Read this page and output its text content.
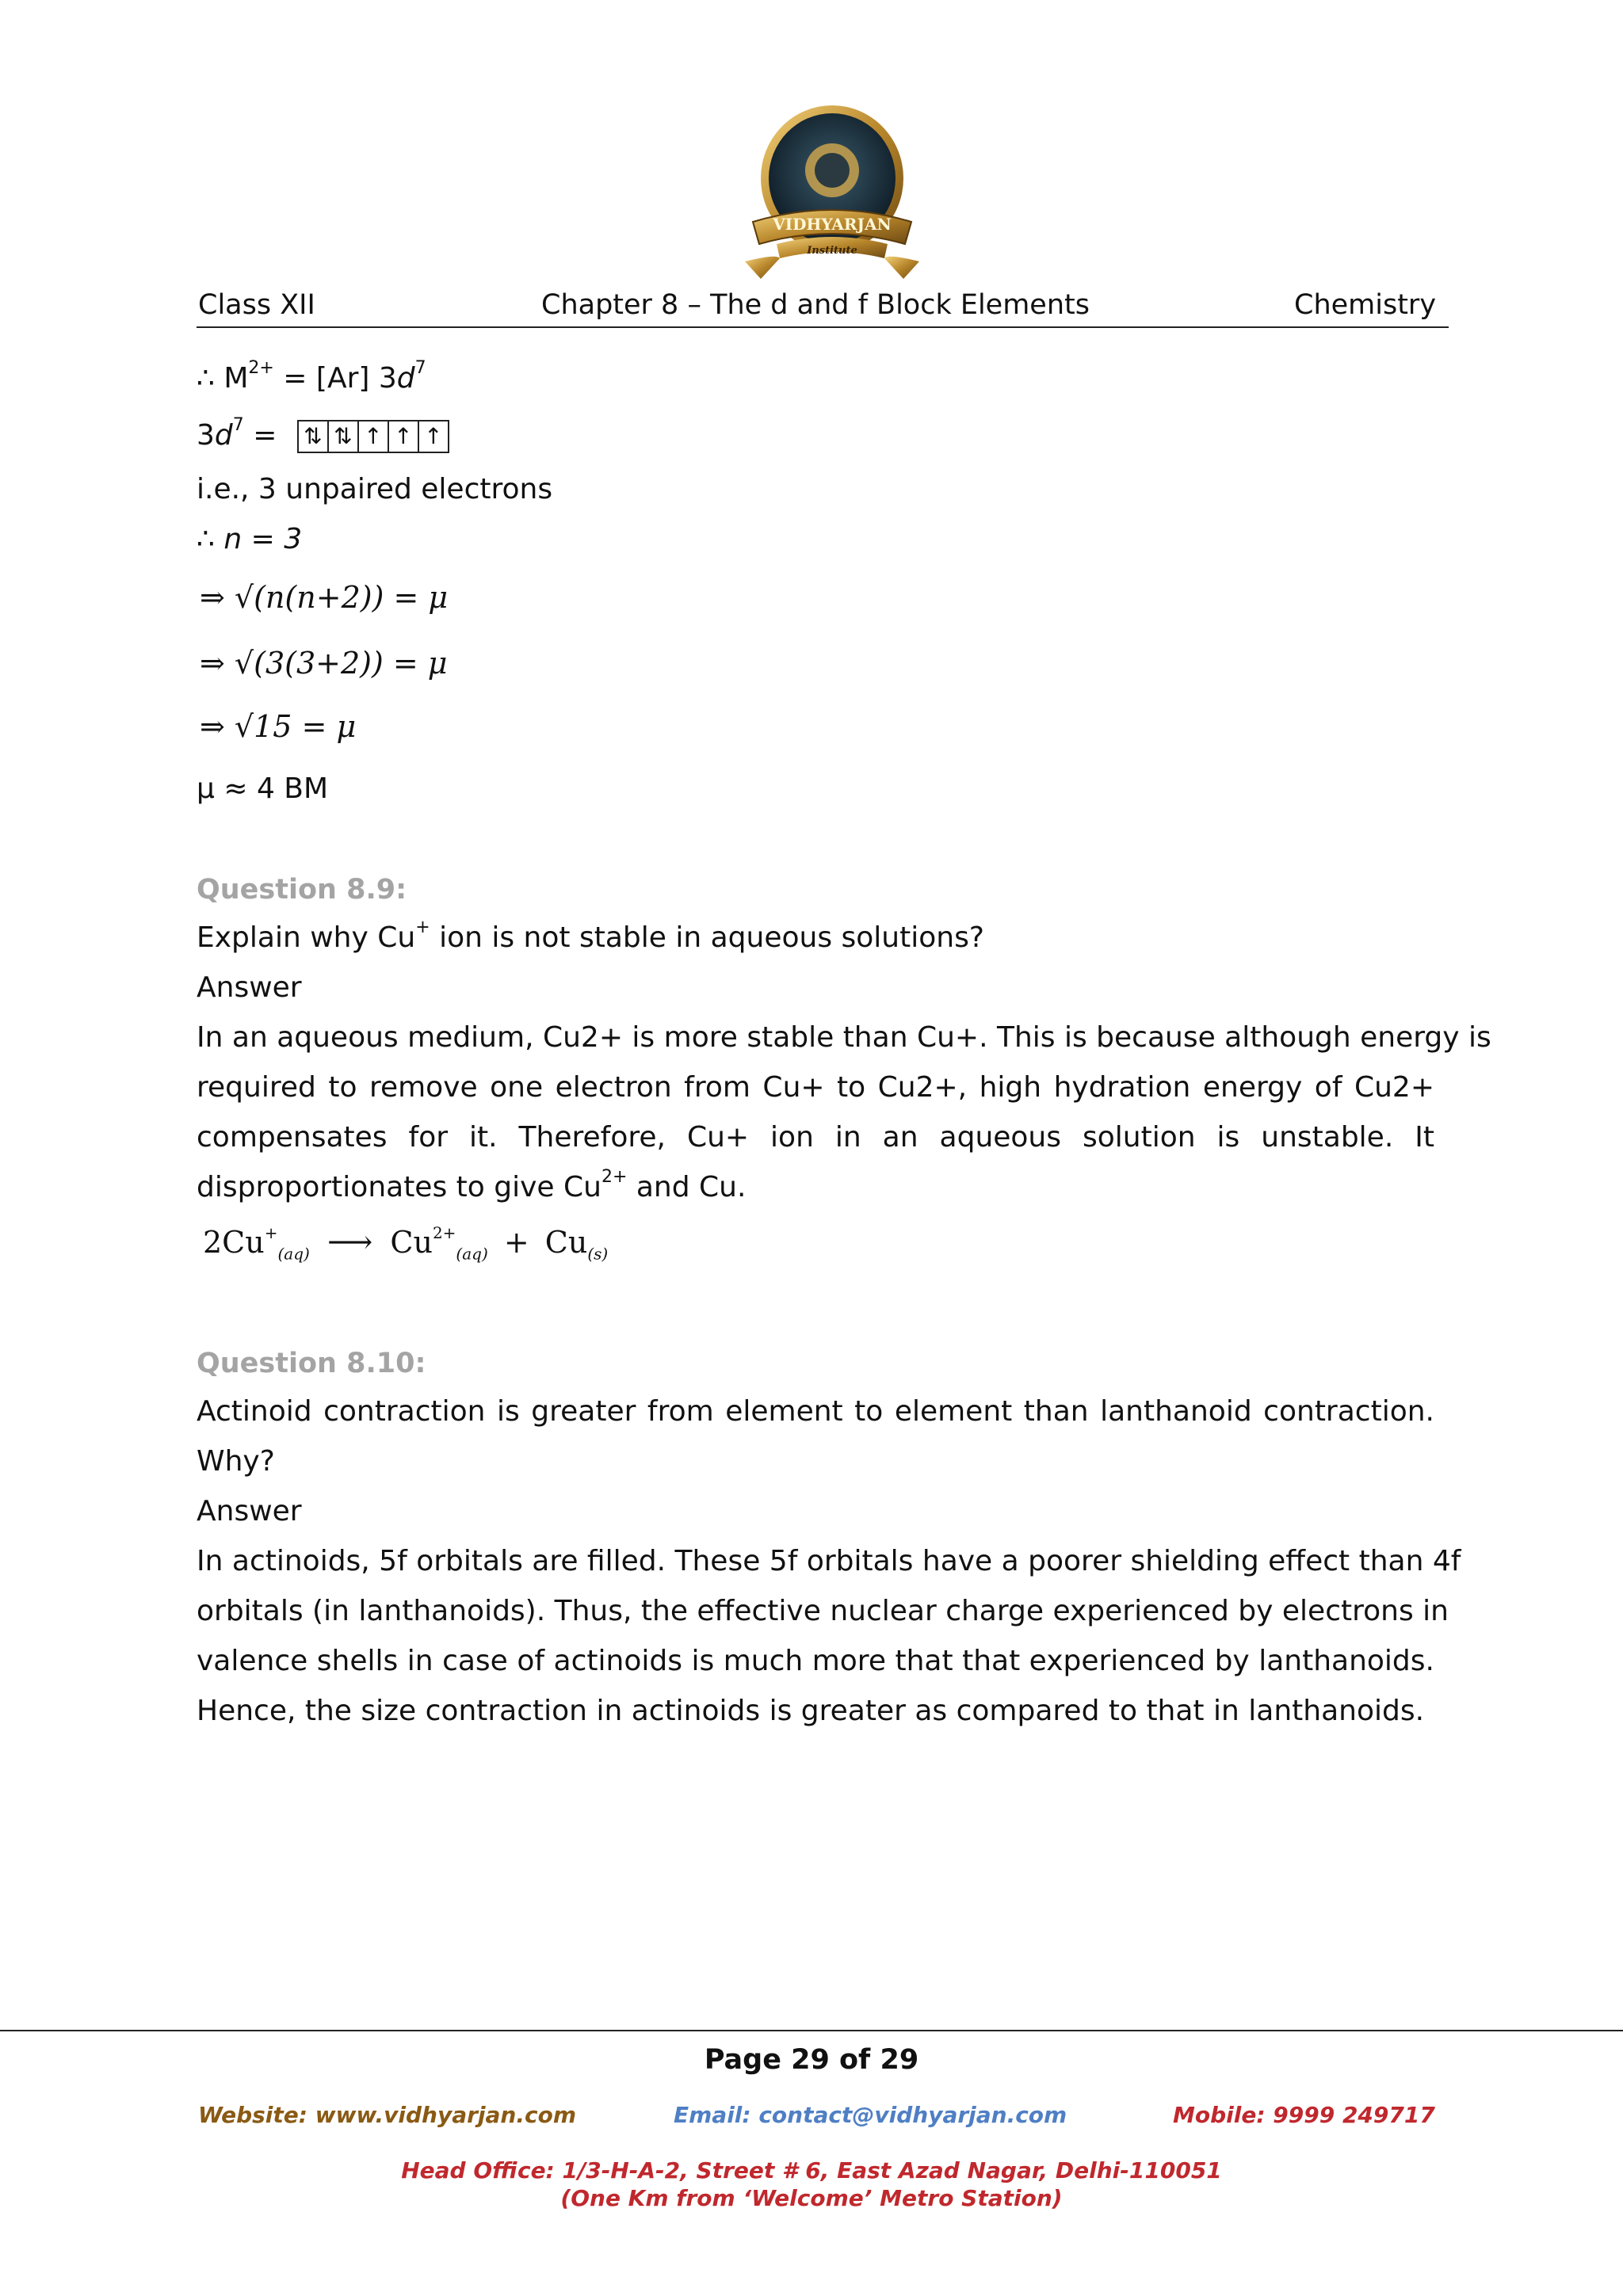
VIDHYARJAN
Institute
Class XII	Chapter 8 – The d and f Block Elements	Chemistry
∴ $M^{2+} = [Ar]$ $3d^7$
$3d^7$ = ⇅ ⇅ ↑ ↑ ↑
i.e., 3 unpaired electrons
∴ n = 3
⇒ √(n(n+2)) = μ
⇒ √(3(3+2)) = μ
⇒ √15 = μ
μ ≈ 4 BM
Question 8.9:
Explain why Cu+ ion is not stable in aqueous solutions?
Answer
In an aqueous medium, Cu2+ is more stable than Cu+. This is because although energy is
required to remove one electron from Cu+ to Cu2+, high hydration energy of Cu2+
compensates for it. Therefore, Cu+ ion in an aqueous solution is unstable. It
disproportionates to give $Cu^{2+}$ and Cu.
$2Cu^+_{(aq)}$ ⟶ $Cu^{2+}_{(aq)} + Cu_{(s)}$
Question 8.10:
Actinoid contraction is greater from element to element than lanthanoid contraction.
Why?
Answer
In actinoids, 5f orbitals are filled. These 5f orbitals have a poorer shielding effect than 4f
orbitals (in lanthanoids). Thus, the effective nuclear charge experienced by electrons in
valence shells in case of actinoids is much more that that experienced by lanthanoids.
Hence, the size contraction in actinoids is greater as compared to that in lanthanoids.
Page 29 of 29
Website: www.vidhyarjan.com	Email: contact@vidhyarjan.com	Mobile: 9999 249717
Head Office: 1/3-H-A-2, Street # 6, East Azad Nagar, Delhi-110051
(One Km from ‘Welcome’ Metro Station)
